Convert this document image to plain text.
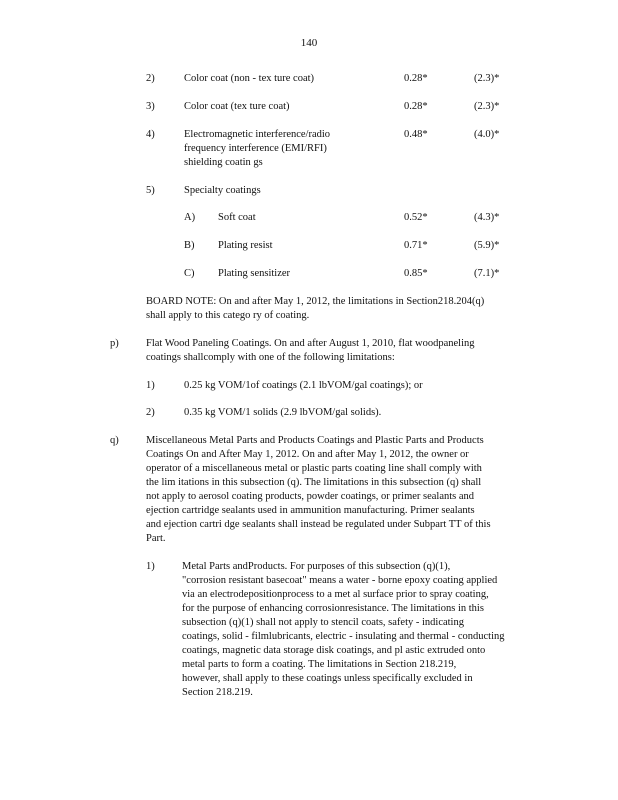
140
2)	Color coat (non - tex ture coat)	0.28*	(2.3)*
3)	Color coat (tex ture coat)	0.28*	(2.3)*
4)	Electromagnetic interference/radio
frequency interference (EMI/RFI)
shielding coatin gs
0.48*	(4.0)*
5)	Specialty coatings
A) Soft coat	0.52*	(4.3)*
B) Plating resist	0.71*	(5.9)*
C) Plating sensitizer	0.85*	(7.1)*
BOARD NOTE: On and after May 1, 2012, the limitations in Section218.204(q)
shall apply to this catego ry of coating.
p)	Flat Wood Paneling Coatings. On and after August 1, 2010, flat woodpaneling
coatings shallcomply with one of the following limitations:
1)	0.25 kg VOM/1of coatings (2.1 lbVOM/gal coatings); or
2)	0.35 kg VOM/1 solids (2.9 lbVOM/gal solids).
q)	Miscellaneous Metal Parts and Products Coatings and Plastic Parts and Products
Coatings On and After May 1, 2012. On and after May 1, 2012, the owner or
operator of a miscellaneous metal or plastic parts coating line shall comply with
the lim itations in this subsection (q). The limitations in this subsection (q) shall
not apply to aerosol coating products, powder coatings, or primer sealants and
ejection cartridge sealants used in ammunition manufacturing. Primer sealants
and ejection cartri dge sealants shall instead be regulated under Subpart TT of this
Part.
1)	Metal Parts andProducts. For purposes of this subsection (q)(1),
"corrosion resistant basecoat" means a water - borne epoxy coating applied
via an electrodepositionprocess to a met al surface prior to spray coating,
for the purpose of enhancing corrosionresistance. The limitations in this
subsection (q)(1) shall not apply to stencil coats, safety - indicating
coatings, solid - filmlubricants, electric - insulating and thermal - conducting
coatings, magnetic data storage disk coatings, and pl astic extruded onto
metal parts to form a coating. The limitations in Section 218.219,
however, shall apply to these coatings unless specifically excluded in
Section 218.219.
